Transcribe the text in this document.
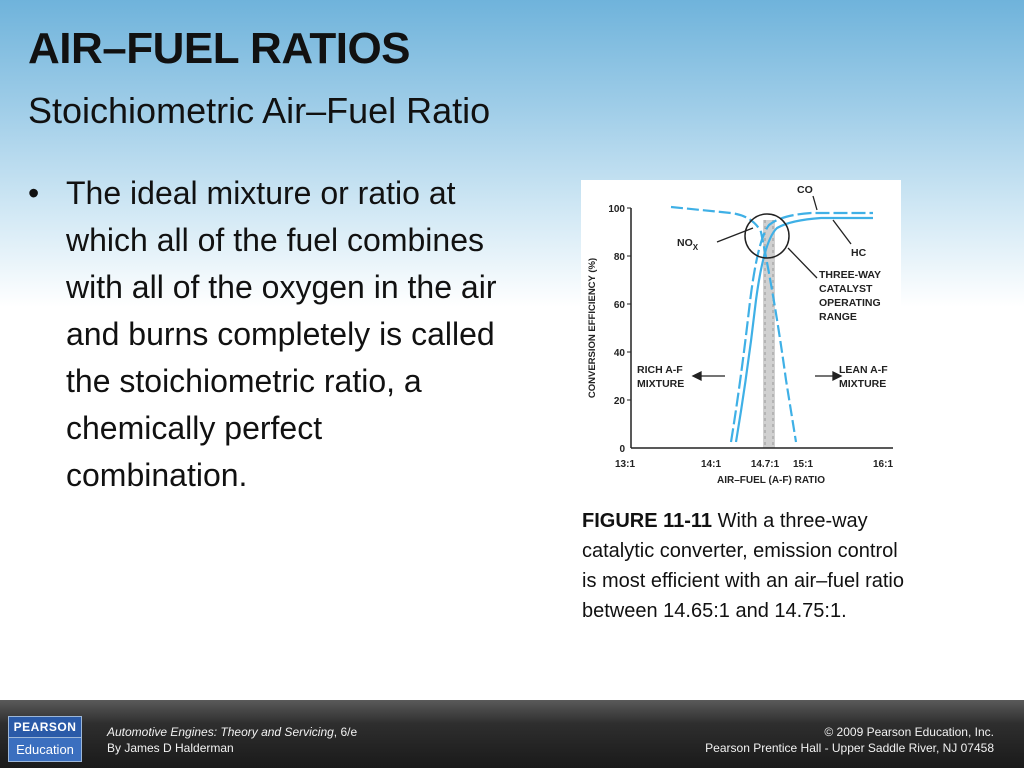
AIR–FUEL RATIOS
Stoichiometric Air–Fuel Ratio
• The ideal mixture or ratio at which all of the fuel combines with all of the oxygen in the air and burns completely is called the stoichiometric ratio, a chemically perfect combination.
100
80
60
40
20
0
13:1	14:1	14.7:1 15:1	16:1
AIR–FUEL (A-F) RATIO
CONVERSION EFFICIENCY (%)
CO
HC
$NO_X$
THREE-WAY
CATALYST
OPERATING
RANGE
RICH A-F
MIXTURE
LEAN A-F
MIXTURE
FIGURE 11-11 With a three-way catalytic converter, emission control is most efficient with an air–fuel ratio between 14.65:1 and 14.75:1.
PEARSON
Education
Automotive Engines: Theory and Servicing, 6/e
By James D Halderman
© 2009 Pearson Education, Inc.
Pearson Prentice Hall - Upper Saddle River, NJ 07458
